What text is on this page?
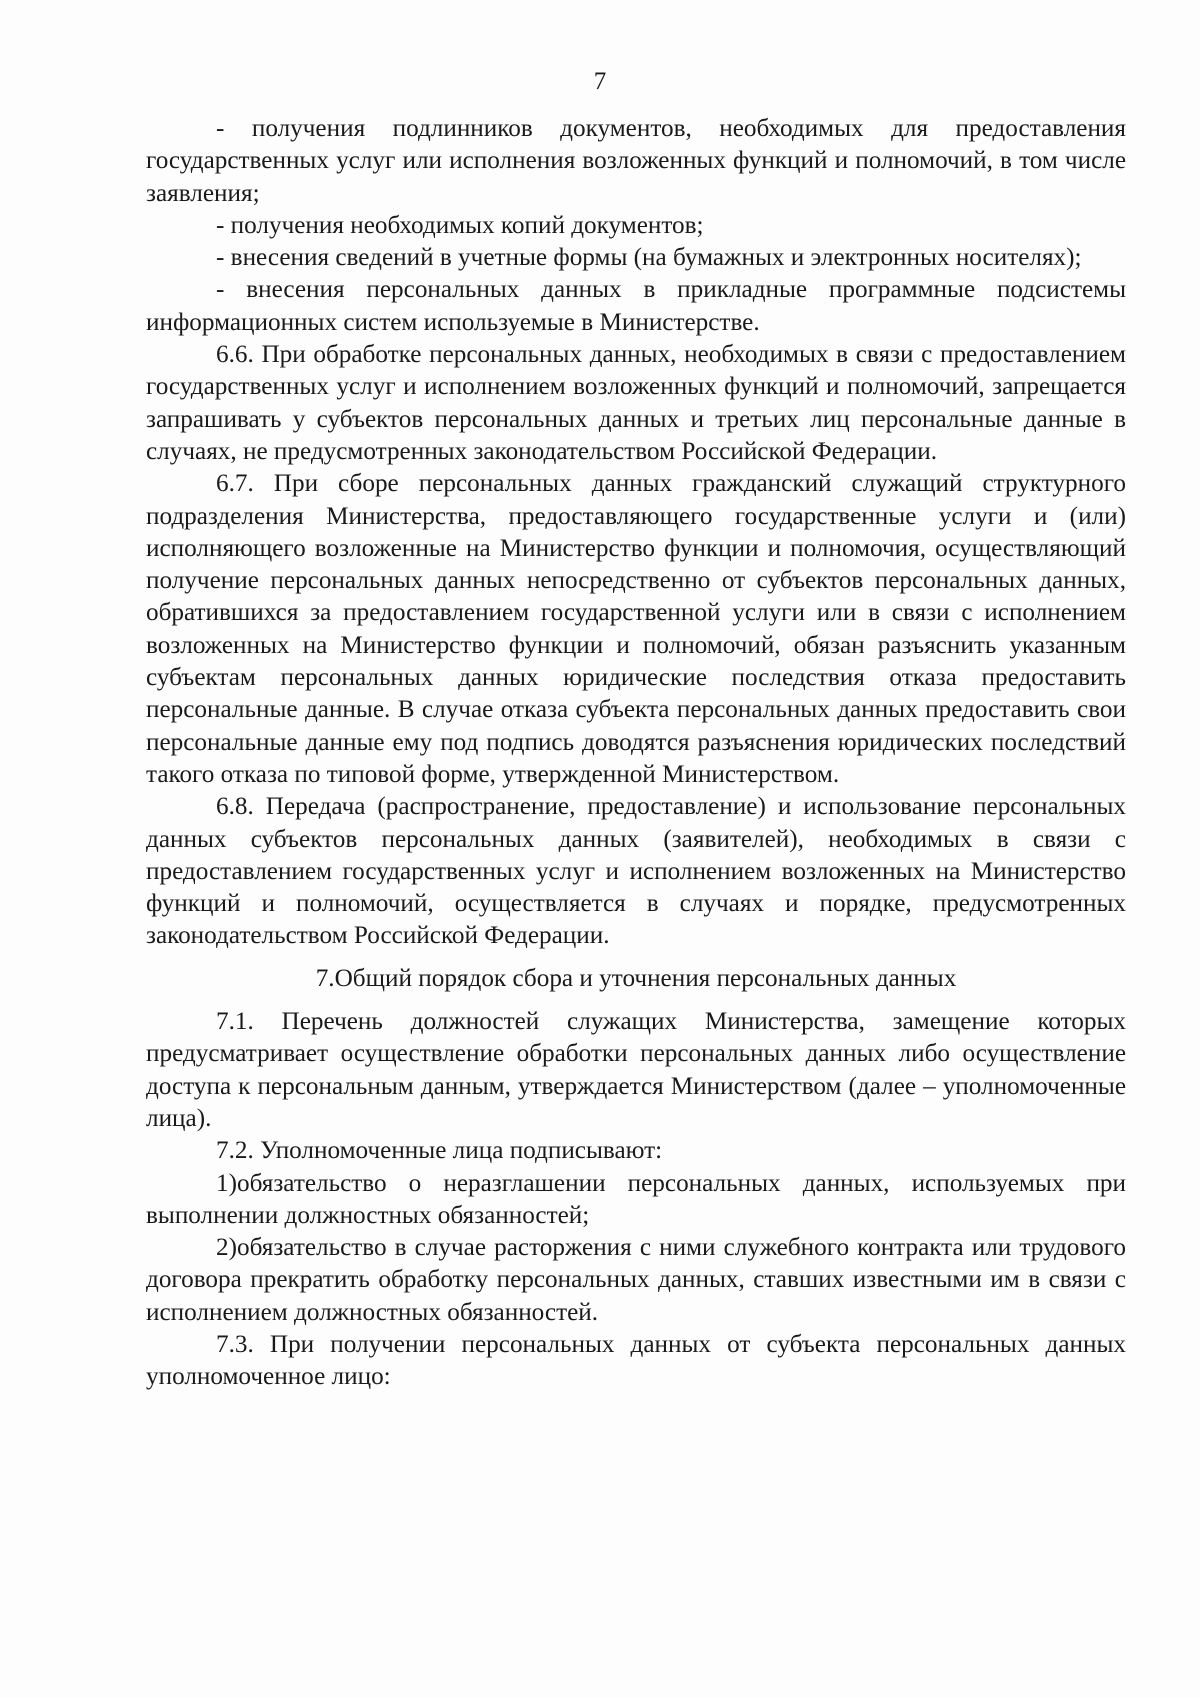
7

- получения подлинников документов, необходимых для предоставления государственных услуг или исполнения возложенных функций и полномочий, в том числе заявления;

- получения необходимых копий документов;

- внесения сведений в учетные формы (на бумажных и электронных носителях);

- внесения персональных данных в прикладные программные подсистемы информационных систем используемые в Министерстве.

6.6. При обработке персональных данных, необходимых в связи с предоставлением государственных услуг и исполнением возложенных функций и полномочий, запрещается запрашивать у субъектов персональных данных и третьих лиц персональные данные в случаях, не предусмотренных законодательством Российской Федерации.

6.7. При сборе персональных данных гражданский служащий структурного подразделения Министерства, предоставляющего государственные услуги и (или) исполняющего возложенные на Министерство функции и полномочия, осуществляющий получение персональных данных непосредственно от субъектов персональных данных, обратившихся за предоставлением государственной услуги или в связи с исполнением возложенных на Министерство функции и полномочий, обязан разъяснить указанным субъектам персональных данных юридические последствия отказа предоставить персональные данные. В случае отказа субъекта персональных данных предоставить свои персональные данные ему под подпись доводятся разъяснения юридических последствий такого отказа по типовой форме, утвержденной Министерством.

6.8. Передача (распространение, предоставление) и использование персональных данных субъектов персональных данных (заявителей), необходимых в связи с предоставлением государственных услуг и исполнением возложенных на Министерство функций и полномочий, осуществляется в случаях и порядке, предусмотренных законодательством Российской Федерации.

7.Общий порядок сбора и уточнения персональных данных

7.1. Перечень должностей служащих Министерства, замещение которых предусматривает осуществление обработки персональных данных либо осуществление доступа к персональным данным, утверждается Министерством (далее – уполномоченные лица).

7.2. Уполномоченные лица подписывают:

1)обязательство о неразглашении персональных данных, используемых при выполнении должностных обязанностей;

2)обязательство в случае расторжения с ними служебного контракта или трудового договора прекратить обработку персональных данных, ставших известными им в связи с исполнением должностных обязанностей.

7.3. При получении персональных данных от субъекта персональных данных уполномоченное лицо:
